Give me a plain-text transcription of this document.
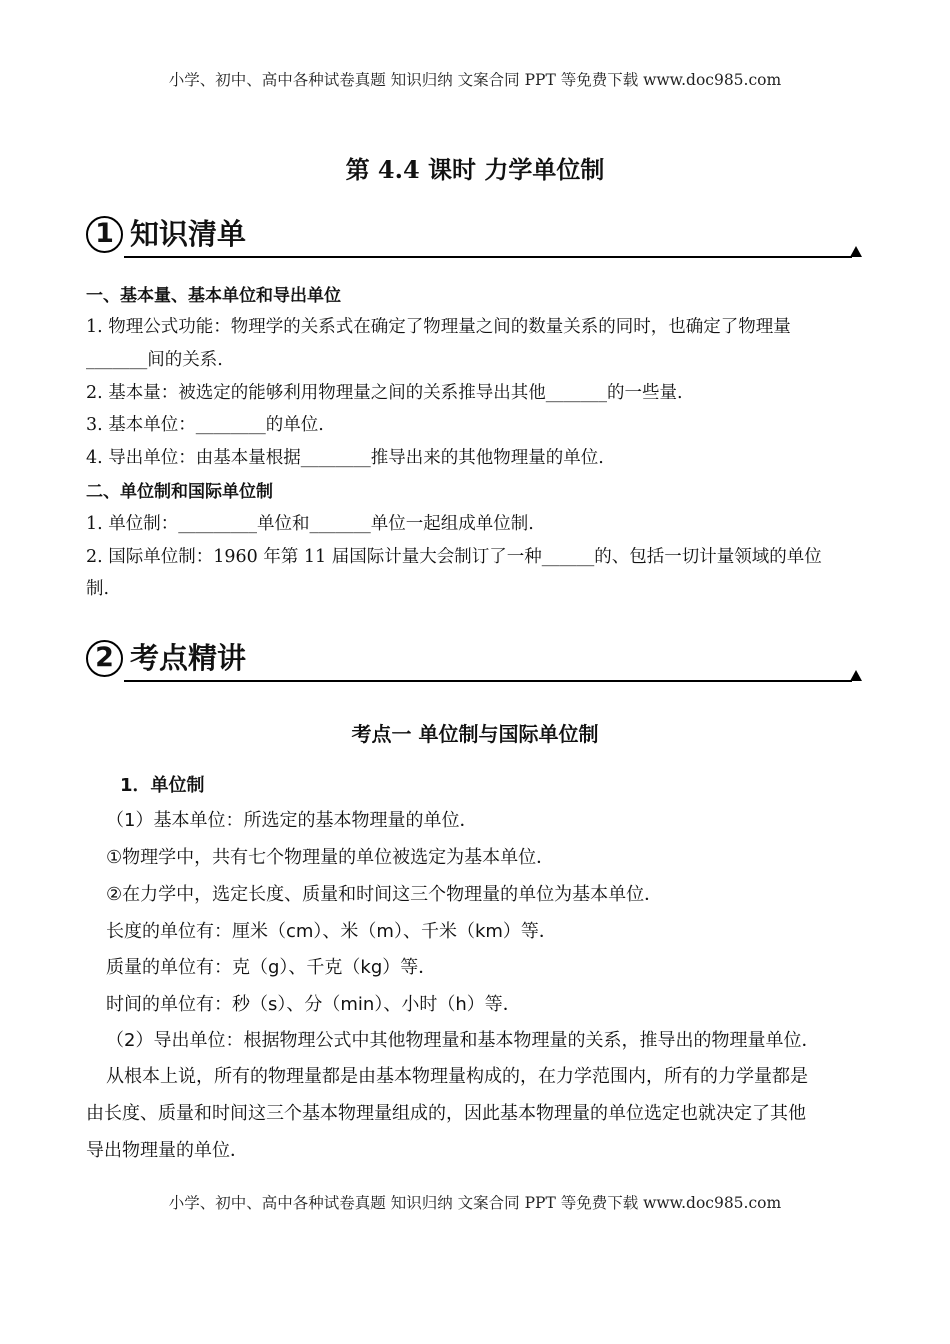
小学、初中、高中各种试卷真题 知识归纳 文案合同 PPT 等免费下载 www.doc985.com
第 4.4 课时 力学单位制
1 知识清单
一、基本量、基本单位和导出单位
1. 物理公式功能：物理学的关系式在确定了物理量之间的数量关系的同时，也确定了物理量
_______间的关系.
2. 基本量：被选定的能够利用物理量之间的关系推导出其他_______的一些量.
3. 基本单位：________的单位.
4. 导出单位：由基本量根据________推导出来的其他物理量的单位.
二、单位制和国际单位制
1. 单位制：_________单位和_______单位一起组成单位制.
2. 国际单位制：1960 年第 11 届国际计量大会制订了一种______的、包括一切计量领域的单位
制.
2 考点精讲
考点一 单位制与国际单位制
1．单位制
（1）基本单位：所选定的基本物理量的单位．
①物理学中，共有七个物理量的单位被选定为基本单位．
②在力学中，选定长度、质量和时间这三个物理量的单位为基本单位．
长度的单位有：厘米（cm）、米（m）、千米（km）等．
质量的单位有：克（g）、千克（kg）等．
时间的单位有：秒（s）、分（min）、小时（h）等．
（2）导出单位：根据物理公式中其他物理量和基本物理量的关系，推导出的物理量单位．
从根本上说，所有的物理量都是由基本物理量构成的，在力学范围内，所有的力学量都是
由长度、质量和时间这三个基本物理量组成的，因此基本物理量的单位选定也就决定了其他
导出物理量的单位．
小学、初中、高中各种试卷真题 知识归纳 文案合同 PPT 等免费下载 www.doc985.com
